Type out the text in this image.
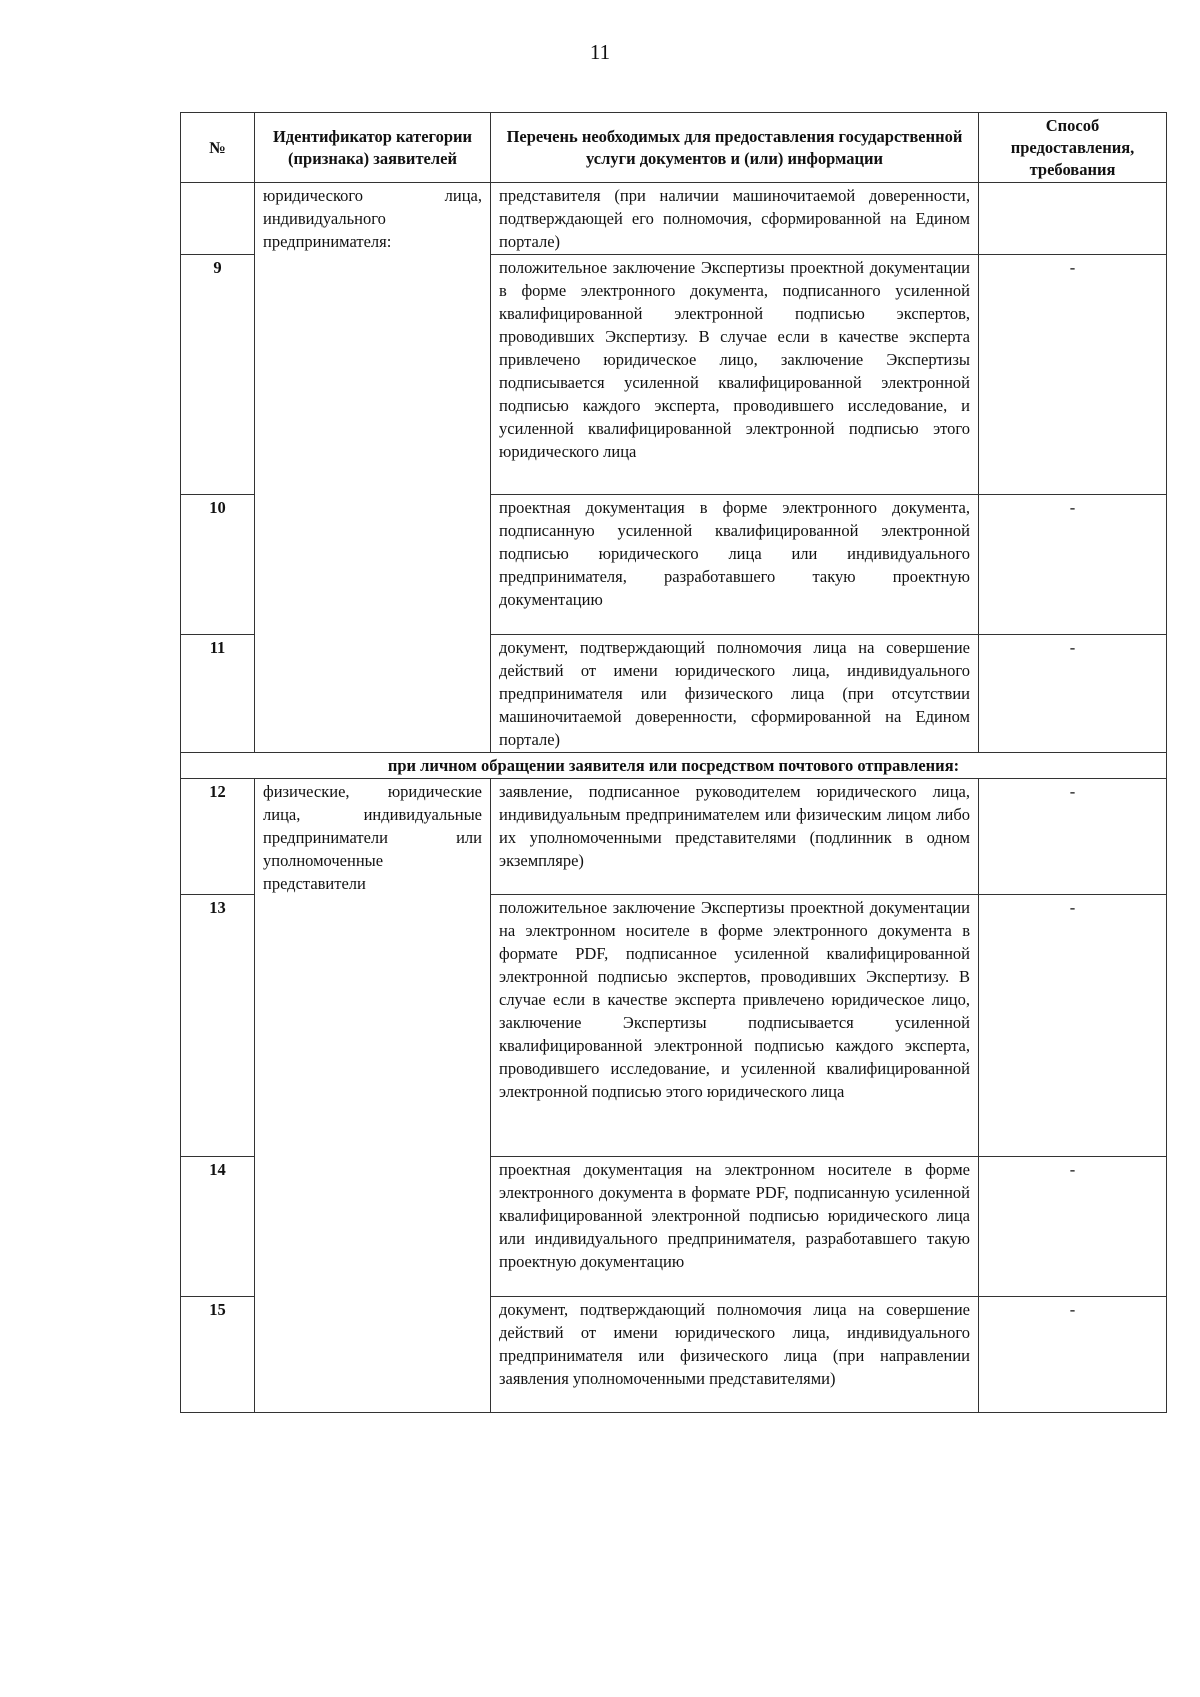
11
№	Идентификатор категории (признака) заявителей	Перечень необходимых для предоставления государственной услуги документов и (или) информации	Способ предоставления, требования
	юридического лица, индивидуального предпринимателя:	представителя (при наличии машиночитаемой доверенности, подтверждающей его полномочия, сформированной на Едином портале)	
9		положительное заключение Экспертизы проектной документации в форме электронного документа, подписанного усиленной квалифицированной электронной подписью экспертов, проводивших Экспертизу. В случае если в качестве эксперта привлечено юридическое лицо, заключение Экспертизы подписывается усиленной квалифицированной электронной подписью каждого эксперта, проводившего исследование, и усиленной квалифицированной электронной подписью этого юридического лица	-
10		проектная документация в форме электронного документа, подписанную усиленной квалифицированной электронной подписью юридического лица или индивидуального предпринимателя, разработавшего такую проектную документацию	-
11		документ, подтверждающий полномочия лица на совершение действий от имени юридического лица, индивидуального предпринимателя или физического лица (при отсутствии машиночитаемой доверенности, сформированной на Едином портале)	-
при личном обращении заявителя или посредством почтового отправления:			
12	физические, юридические лица, индивидуальные предприниматели или уполномоченные представители	заявление, подписанное руководителем юридического лица, индивидуальным предпринимателем или физическим лицом либо их уполномоченными представителями (подлинник в одном экземпляре)	-
13		положительное заключение Экспертизы проектной документации на электронном носителе в форме электронного документа в формате PDF, подписанное усиленной квалифицированной электронной подписью экспертов, проводивших Экспертизу. В случае если в качестве эксперта привлечено юридическое лицо, заключение Экспертизы подписывается усиленной квалифицированной электронной подписью каждого эксперта, проводившего исследование, и усиленной квалифицированной электронной подписью этого юридического лица	-
14		проектная документация на электронном носителе в форме электронного документа в формате PDF, подписанную усиленной квалифицированной электронной подписью юридического лица или индивидуального предпринимателя, разработавшего такую проектную документацию	-
15		документ, подтверждающий полномочия лица на совершение действий от имени юридического лица, индивидуального предпринимателя или физического лица (при направлении заявления уполномоченными представителями)	-
